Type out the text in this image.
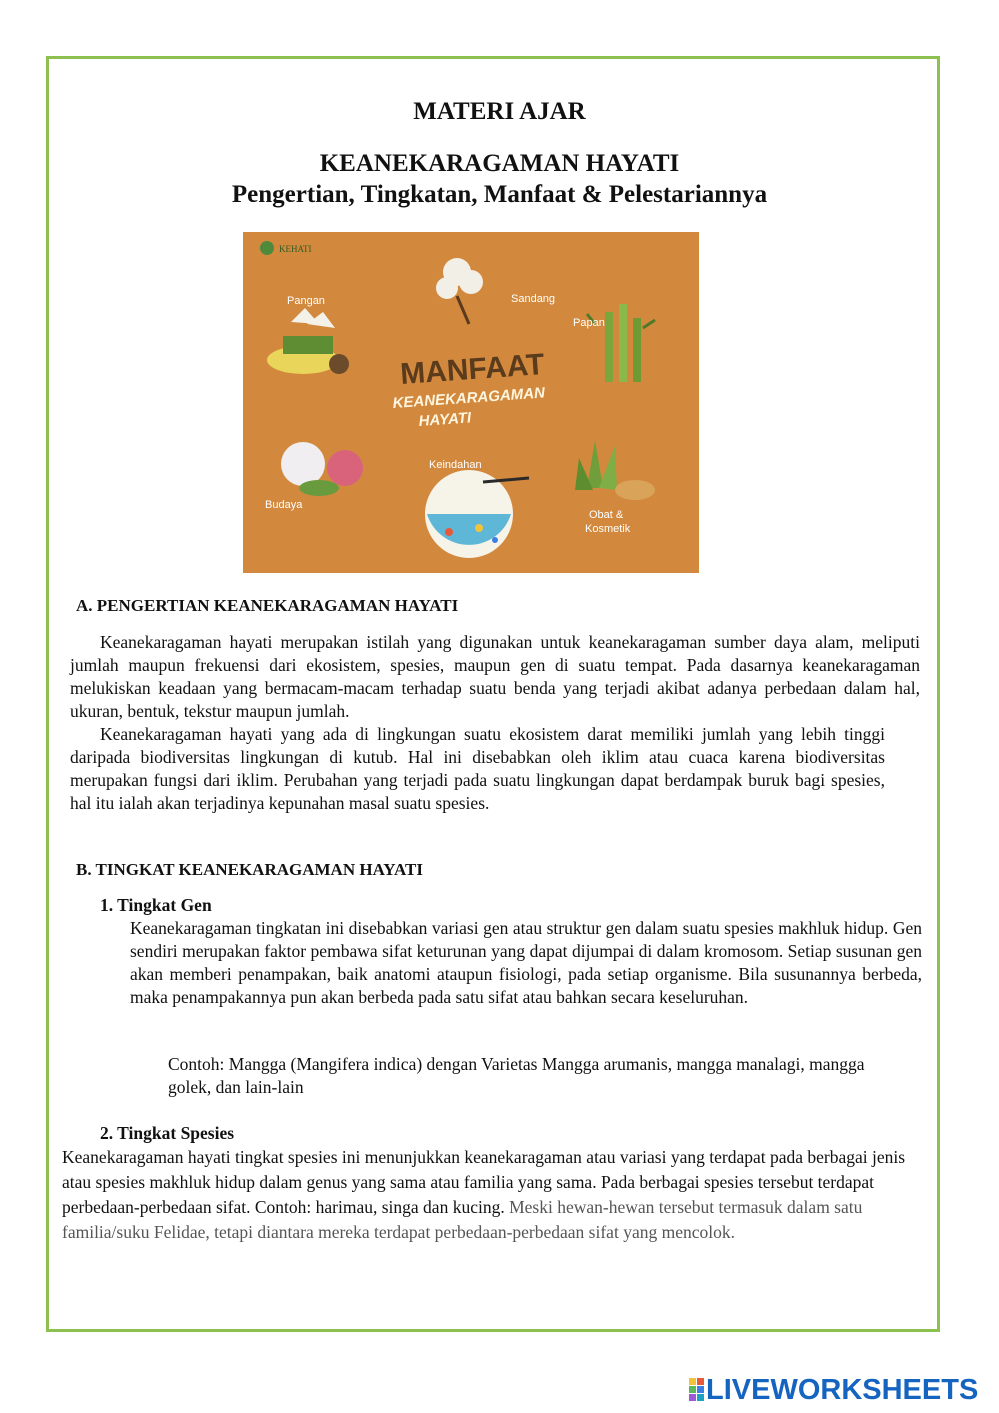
MATERI AJAR
KEANEKARAGAMAN HAYATI
Pengertian, Tingkatan, Manfaat & Pelestariannya
KEHATI
MANFAAT
KEANEKARAGAMAN
HAYATI
Pangan	Sandang
Papan
Budaya
Keindahan
Obat &
Kosmetik
A. PENGERTIAN KEANEKARAGAMAN HAYATI
Keanekaragaman hayati merupakan istilah yang digunakan untuk keanekaragaman sumber daya alam, meliputi jumlah maupun frekuensi dari ekosistem, spesies, maupun gen di suatu tempat. Pada dasarnya keanekaragaman melukiskan keadaan yang bermacam-macam terhadap suatu benda yang terjadi akibat adanya perbedaan dalam hal, ukuran, bentuk, tekstur maupun jumlah.
Keanekaragaman hayati yang ada di lingkungan suatu ekosistem darat memiliki jumlah yang lebih tinggi daripada biodiversitas lingkungan di kutub. Hal ini disebabkan oleh iklim atau cuaca karena biodiversitas merupakan fungsi dari iklim. Perubahan yang terjadi pada suatu lingkungan dapat berdampak buruk bagi spesies, hal itu ialah akan terjadinya kepunahan masal suatu spesies.
B. TINGKAT KEANEKARAGAMAN HAYATI
1. Tingkat Gen
Keanekaragaman tingkatan ini disebabkan variasi gen atau struktur gen dalam suatu spesies makhluk hidup. Gen sendiri merupakan faktor pembawa sifat keturunan yang dapat dijumpai di dalam kromosom. Setiap susunan gen akan memberi penampakan, baik anatomi ataupun fisiologi, pada setiap organisme. Bila susunannya berbeda, maka penampakannya pun akan berbeda pada satu sifat atau bahkan secara keseluruhan.
Contoh: Mangga (Mangifera indica) dengan Varietas Mangga arumanis, mangga manalagi, mangga golek, dan lain-lain
2. Tingkat Spesies
Keanekaragaman hayati tingkat spesies ini menunjukkan keanekaragaman atau variasi yang terdapat pada berbagai jenis atau spesies makhluk hidup dalam genus yang sama atau familia yang sama. Pada berbagai spesies tersebut terdapat perbedaan-perbedaan sifat. Contoh: harimau, singa dan kucing. Meski hewan-hewan tersebut termasuk dalam satu familia/suku Felidae, tetapi diantara mereka terdapat perbedaan-perbedaan sifat yang mencolok.
LIVEWORKSHEETS
